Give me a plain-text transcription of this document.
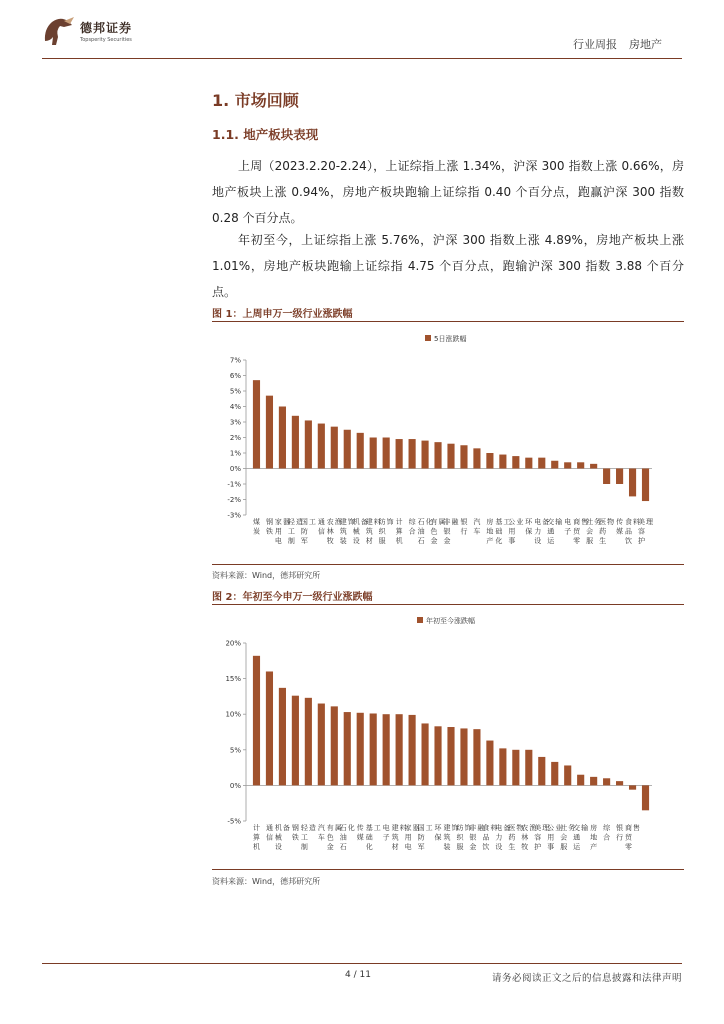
德邦证券
Topsperity Securities	行业周报 房地产
1. 市场回顾
1.1. 地产板块表现

上周（2023.2.20-2.24），上证综指上涨 1.34%，沪深 300 指数上涨 0.66%，房地产板块上涨 0.94%，房地产板块跑输上证综指 0.40 个百分点，跑赢沪深 300 指数 0.28 个百分点。

年初至今，上证综指上涨 5.76%，沪深 300 指数上涨 4.89%，房地产板块上涨 1.01%，房地产板块跑输上证综指 4.75 个百分点，跑输沪深 300 指数 3.88 个百分点。

图 1：上周申万一级行业涨跌幅
5日涨跌幅
-3%
-2%
-1%
0%
1%
2%
3%
4%
5%
6%
7%
煤
炭
钢
铁
家
用
电
器
轻
工
制
造
国
防
军
工 通
信
农
林
牧
渔
建
筑
装
饰
机
械
设
备
建
筑
材
料
纺
织
服
饰 计
算
机
综
合
石
油
石
化
有
色
金
属
非
银
金
融 银
行
汽
车
房
地
产
基
础
化
工
公
用
事
业 环
保
电
力
设
备
交
通
运
输 电
子
商
贸
零
售
社
会
服
务
医
药
生
物 传
媒
食
品
饮
料
美
容
护
理
资料来源：Wind，德邦研究所
图 2：年初至今申万一级行业涨跌幅
年初至今涨跌幅
-5%
0%
5%
10%
15%
20%
计
算
机
通
信
机
械
设
备 钢
铁
轻
工
制
造 汽
车
有
色
金
属
石
油
石
化 传
媒
基
础
化
工 电
子
建
筑
材
料
家
用
电
器
国
防
军
工 环
保
建
筑
装
饰
纺
织
服
饰
非
银
金
融
食
品
饮
料
电
力
设
备
医
药
生
物
农
林
牧
渔
美
容
护
理
公
用
事
业
社
会
服
务
交
通
运
输 房
地
产
综
合
银
行
商
贸
零
售
资料来源：Wind，德邦研究所
4 / 11	请务必阅读正文之后的信息披露和法律声明
